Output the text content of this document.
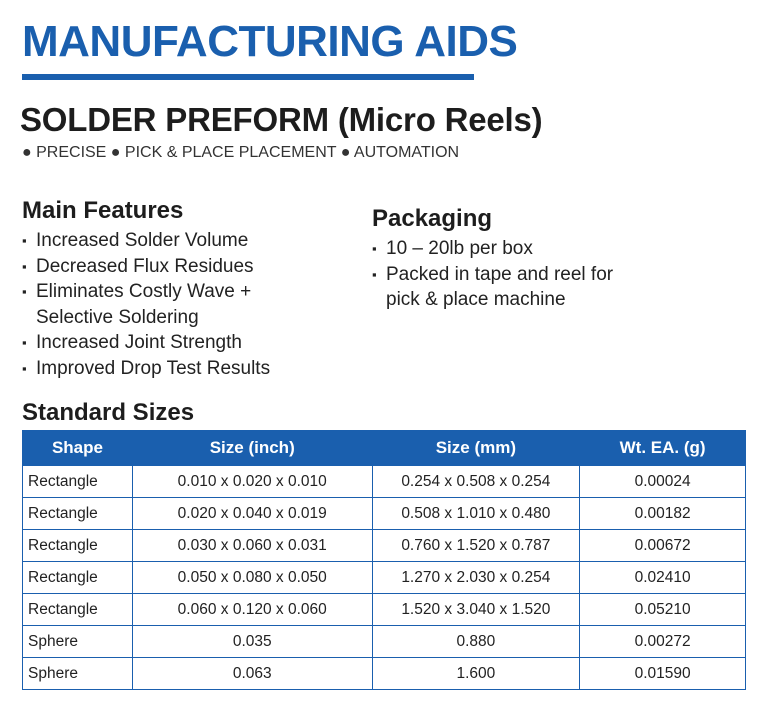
MANUFACTURING AIDS
SOLDER PREFORM (Micro Reels)
● PRECISE ● PICK & PLACE PLACEMENT ● AUTOMATION
Main Features
▪ Increased Solder Volume
▪ Decreased Flux Residues
▪ Eliminates Costly Wave +
Selective Soldering
▪ Increased Joint Strength
▪ Improved Drop Test Results
Packaging
▪ 10 – 20lb per box
▪ Packed in tape and reel for
pick & place machine
Standard Sizes
Shape	Size (inch)	Size (mm)	Wt. EA. (g)
Rectangle	0.010 x 0.020 x 0.010	0.254 x 0.508 x 0.254	0.00024
Rectangle	0.020 x 0.040 x 0.019	0.508 x 1.010 x 0.480	0.00182
Rectangle	0.030 x 0.060 x 0.031	0.760 x 1.520 x 0.787	0.00672
Rectangle	0.050 x 0.080 x 0.050	1.270 x 2.030 x 0.254	0.02410
Rectangle	0.060 x 0.120 x 0.060	1.520 x 3.040 x 1.520	0.05210
Sphere	0.035	0.880	0.00272
Sphere	0.063	1.600	0.01590
